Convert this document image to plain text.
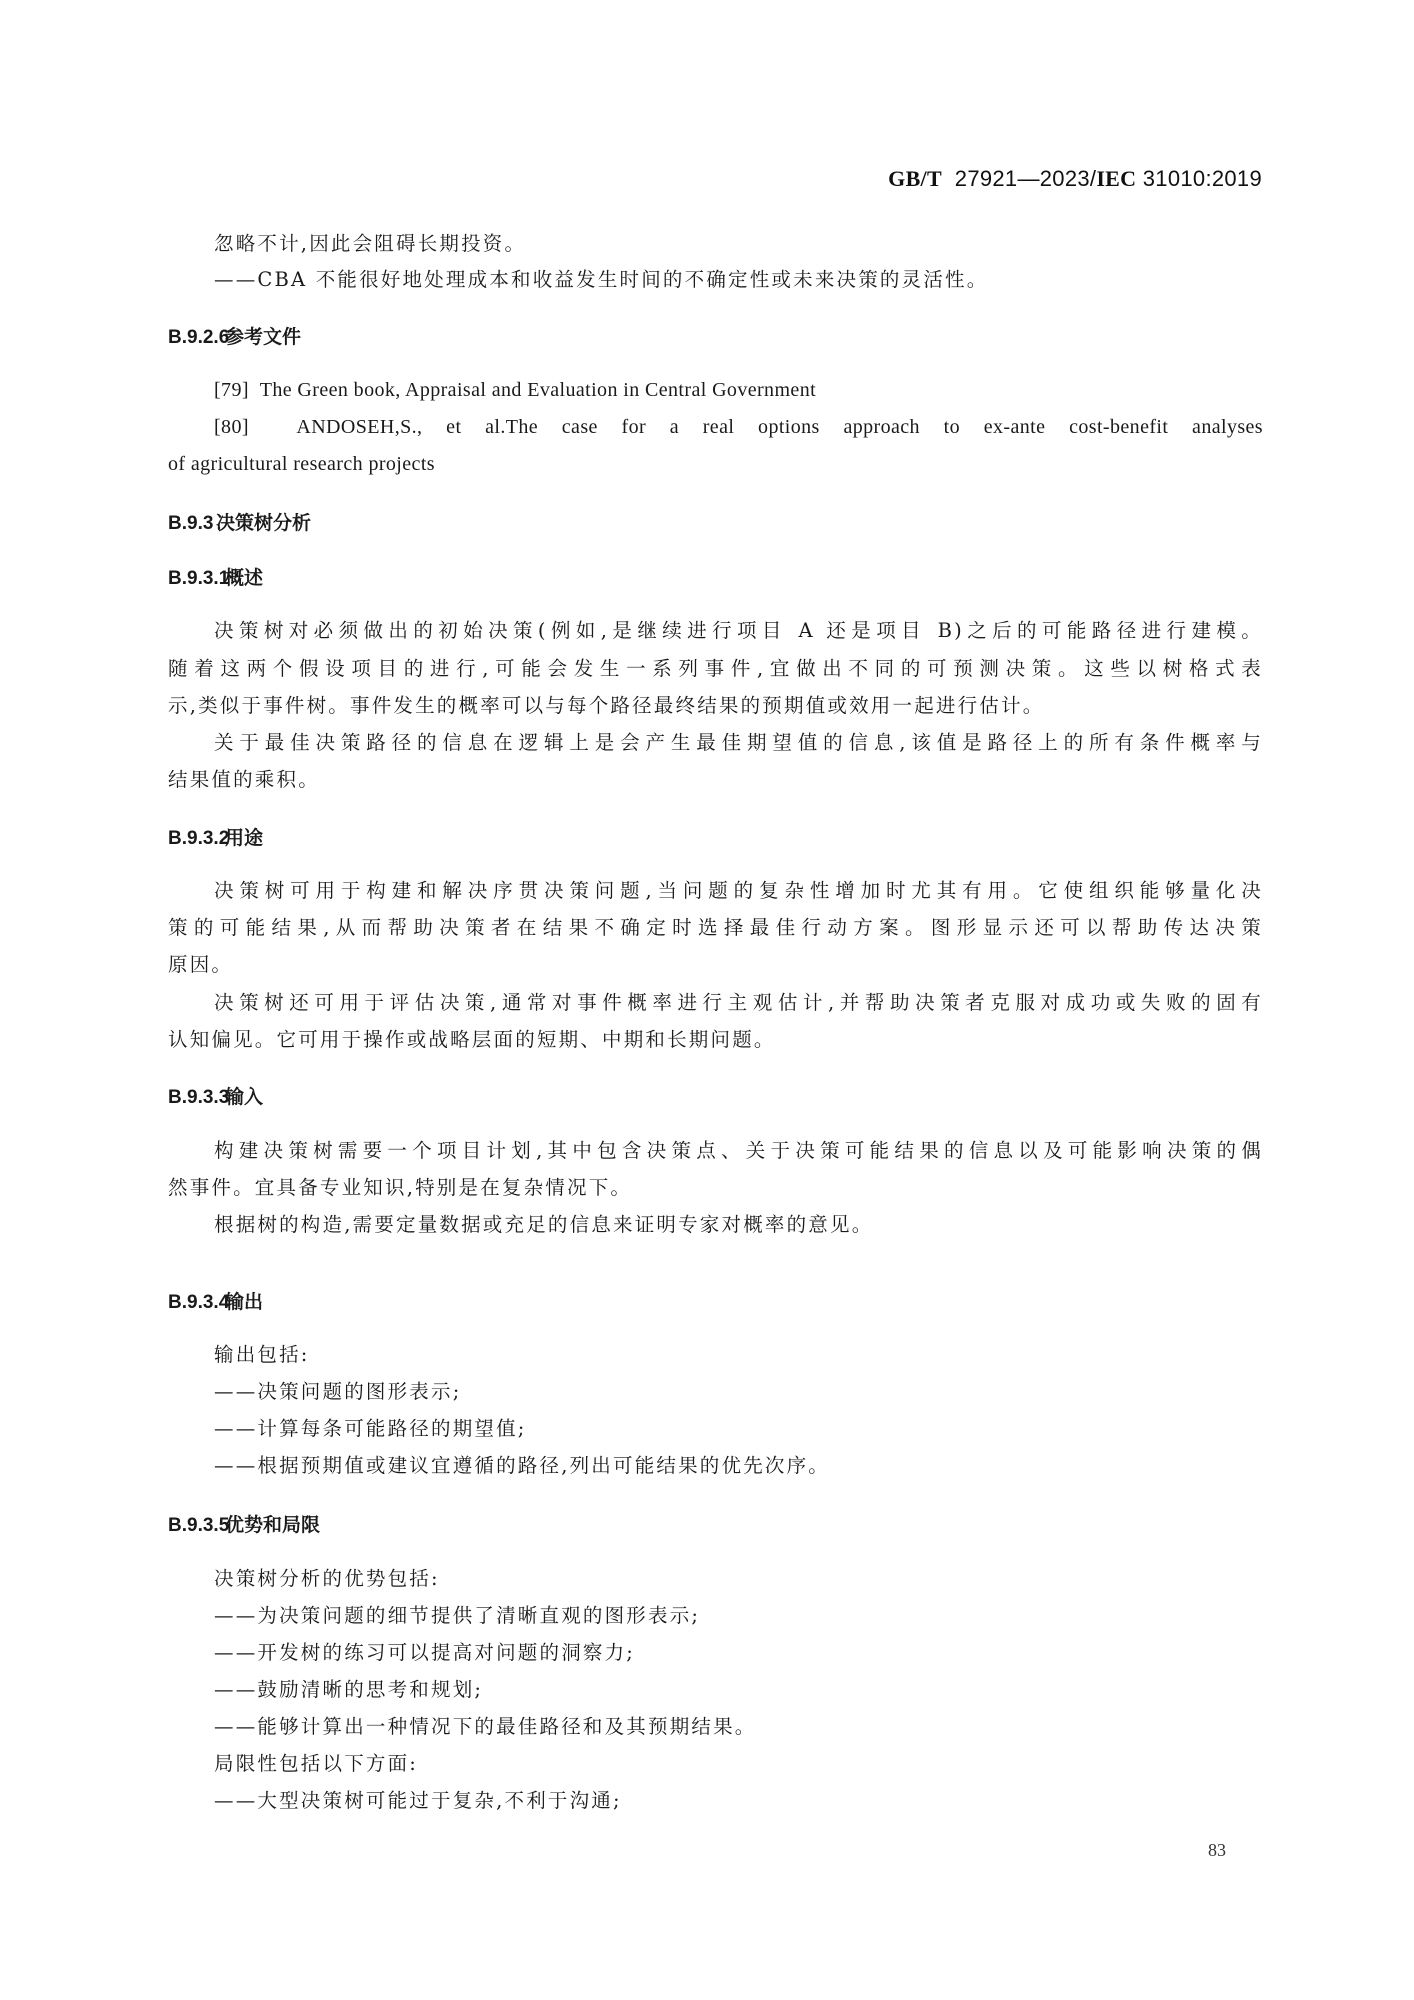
GB/T 27921—2023/IEC 31010:2019
忽略不计,因此会阻碍长期投资。
——CBA 不能很好地处理成本和收益发生时间的不确定性或未来决策的灵活性。
B.9.2.6参考文件
[79] The Green book, Appraisal and Evaluation in Central Government
[80] ANDOSEH,S., et al.The case for a real options approach to ex-ante cost-benefit analyses
of agricultural research projects
B.9.3 决策树分析
B.9.3.1概述
决策树对必须做出的初始决策(例如,是继续进行项目 A 还是项目 B)之后的可能路径进行建模。
随着这两个假设项目的进行,可能会发生一系列事件,宜做出不同的可预测决策。这些以树格式表
示,类似于事件树。事件发生的概率可以与每个路径最终结果的预期值或效用一起进行估计。
关于最佳决策路径的信息在逻辑上是会产生最佳期望值的信息,该值是路径上的所有条件概率与
结果值的乘积。
B.9.3.2用途
决策树可用于构建和解决序贯决策问题,当问题的复杂性增加时尤其有用。它使组织能够量化决
策的可能结果,从而帮助决策者在结果不确定时选择最佳行动方案。图形显示还可以帮助传达决策
原因。
决策树还可用于评估决策,通常对事件概率进行主观估计,并帮助决策者克服对成功或失败的固有
认知偏见。它可用于操作或战略层面的短期、中期和长期问题。
B.9.3.3输入
构建决策树需要一个项目计划,其中包含决策点、关于决策可能结果的信息以及可能影响决策的偶
然事件。宜具备专业知识,特别是在复杂情况下。
根据树的构造,需要定量数据或充足的信息来证明专家对概率的意见。
B.9.3.4输出
输出包括:
——决策问题的图形表示;
——计算每条可能路径的期望值;
——根据预期值或建议宜遵循的路径,列出可能结果的优先次序。
B.9.3.5优势和局限
决策树分析的优势包括:
——为决策问题的细节提供了清晰直观的图形表示;
——开发树的练习可以提高对问题的洞察力;
——鼓励清晰的思考和规划;
——能够计算出一种情况下的最佳路径和及其预期结果。
局限性包括以下方面:
——大型决策树可能过于复杂,不利于沟通;
83
